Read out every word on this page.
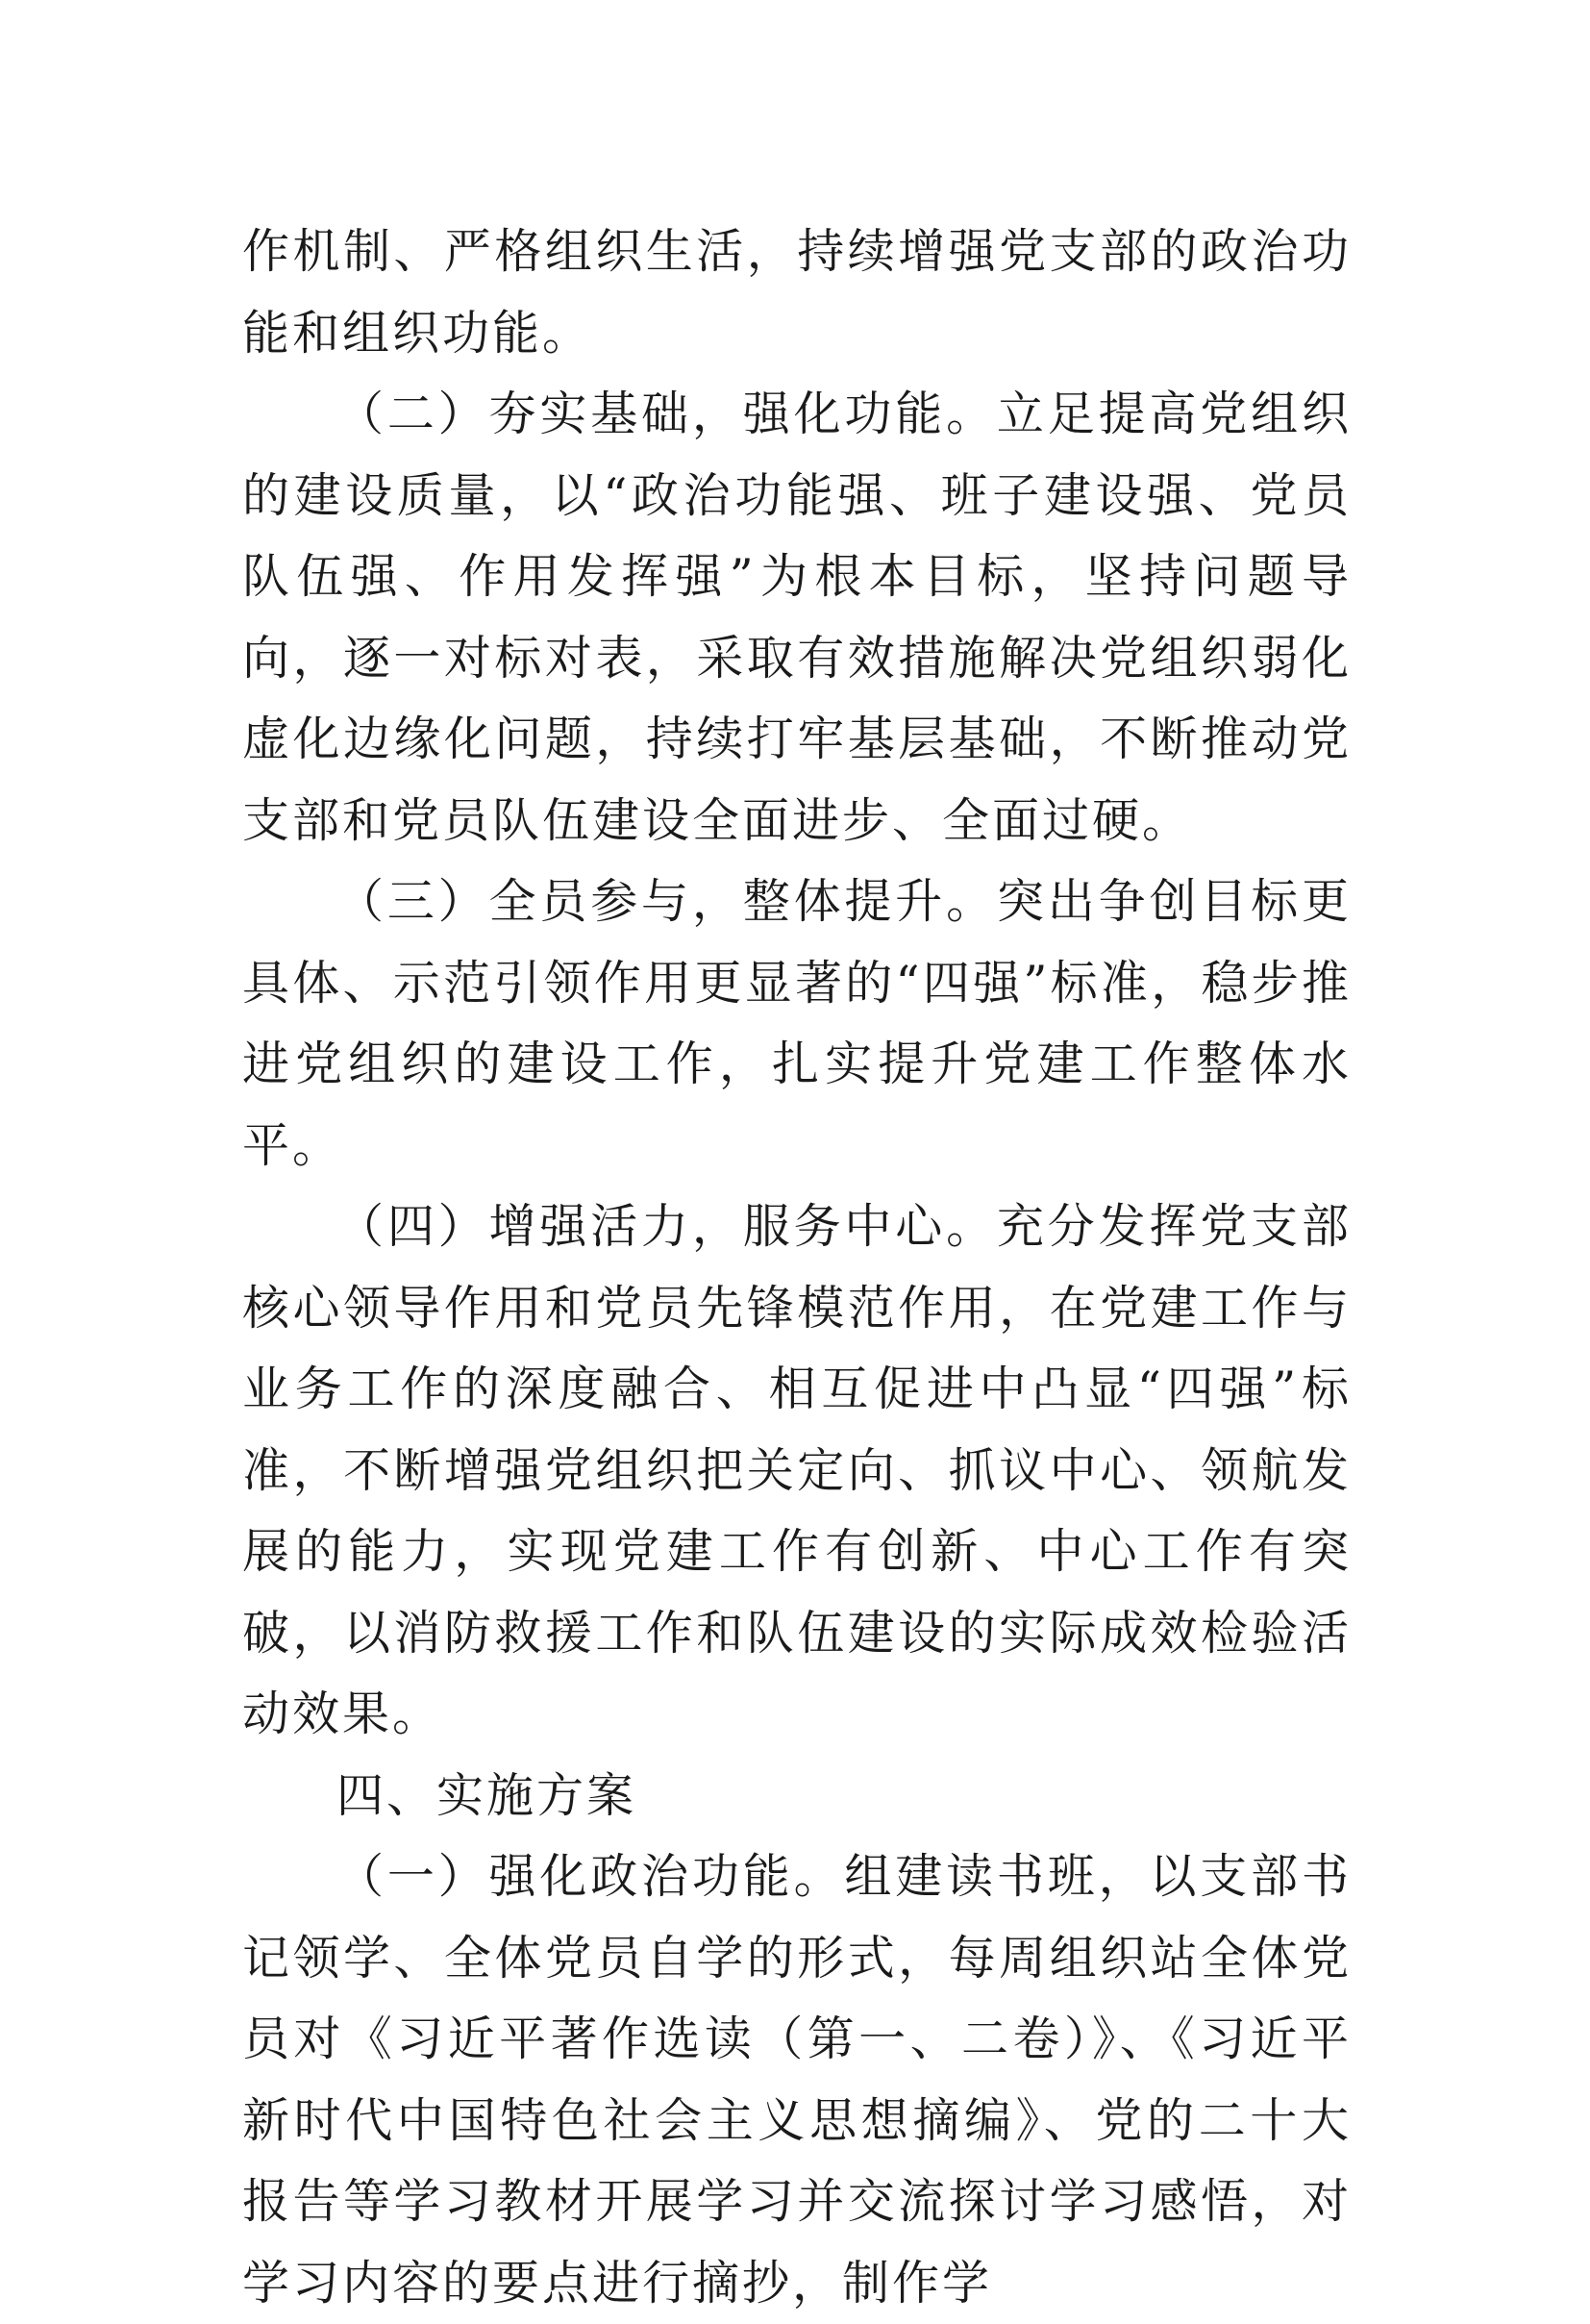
作机制、严格组织生活，持续增强党支部的政治功能和组织功能。

（二）夯实基础，强化功能。立足提高党组织的建设质量，以“政治功能强、班子建设强、党员队伍强、作用发挥强”为根本目标，坚持问题导向，逐一对标对表，采取有效措施解决党组织弱化虚化边缘化问题，持续打牢基层基础，不断推动党支部和党员队伍建设全面进步、全面过硬。

（三）全员参与，整体提升。突出争创目标更具体、示范引领作用更显著的“四强”标准，稳步推进党组织的建设工作，扎实提升党建工作整体水平。

（四）增强活力，服务中心。充分发挥党支部核心领导作用和党员先锋模范作用，在党建工作与业务工作的深度融合、相互促进中凸显“四强”标准，不断增强党组织把关定向、抓议中心、领航发展的能力，实现党建工作有创新、中心工作有突破，以消防救援工作和队伍建设的实际成效检验活动效果。

四、实施方案

（一）强化政治功能。组建读书班，以支部书记领学、全体党员自学的形式，每周组织站全体党员对《习近平著作选读（第一、二卷）》、《习近平新时代中国特色社会主义思想摘编》、党的二十大报告等学习教材开展学习并交流探讨学习感悟，对学习内容的要点进行摘抄，制作学
